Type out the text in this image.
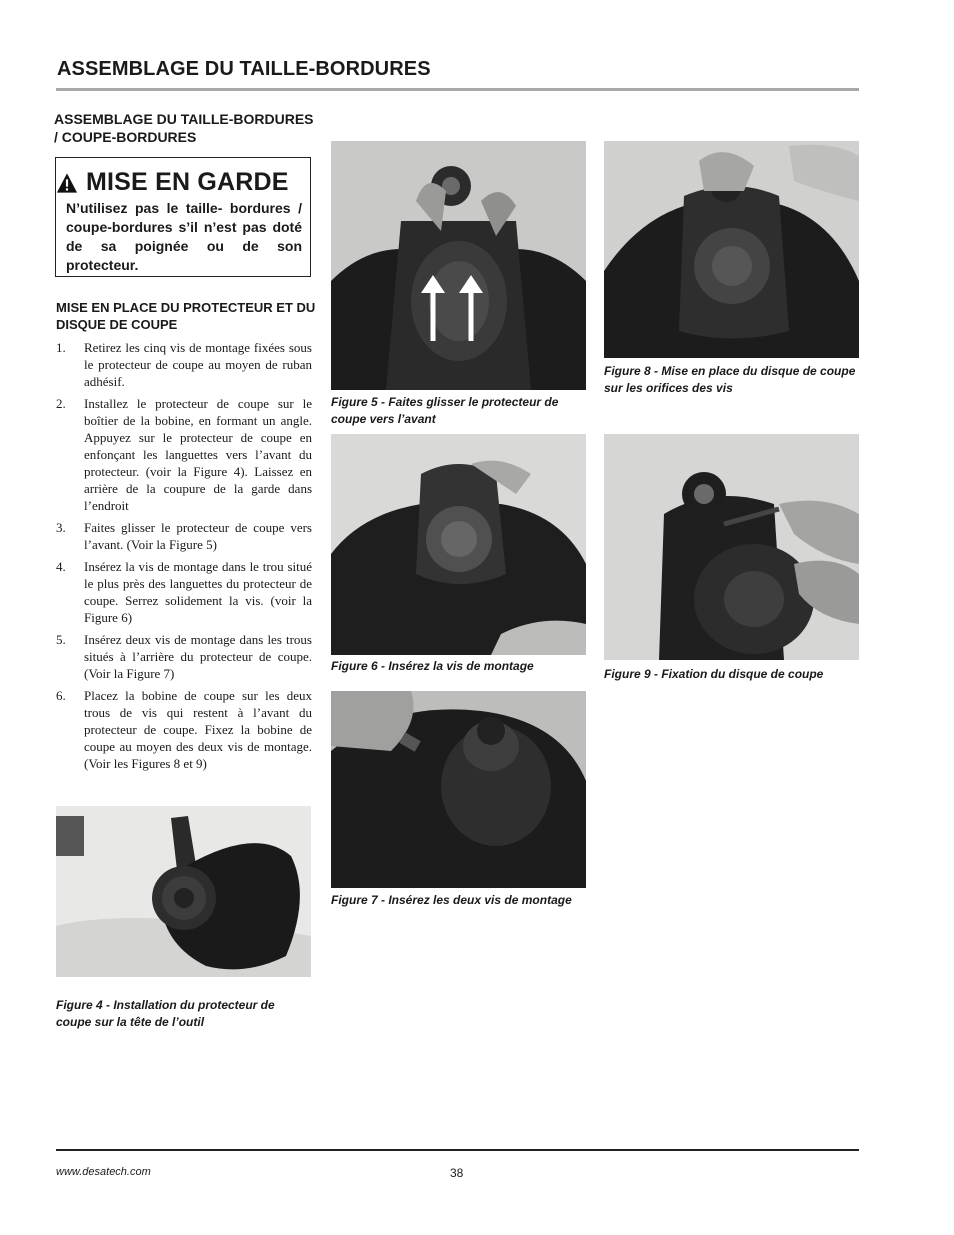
ASSEMBLAGE DU TAILLE-BORDURES
ASSEMBLAGE DU TAILLE-BORDURES / COUPE-BORDURES
MISE EN GARDE
N’utilisez pas le taille- bordures / coupe-bordures s’il n’est pas doté de sa poignée ou de son protecteur.
MISE EN PLACE DU PROTECTEUR ET DU DISQUE DE COUPE
1. Retirez les cinq vis de montage fixées sous le protecteur de coupe au moyen de ruban adhésif.
2. Installez le protecteur de coupe sur le boîtier de la bobine, en formant un angle. Appuyez sur le protecteur de coupe en enfonçant les languettes vers l’avant du protecteur. (voir la Figure 4). Laissez en arrière de la coupure de la garde dans l’endroit
3. Faites glisser le protecteur de coupe vers l’avant. (Voir la Figure 5)
4. Insérez la vis de montage dans le trou situé le plus près des languettes du protecteur de coupe. Serrez solidement la vis. (voir la Figure 6)
5. Insérez deux vis de montage dans les trous situés à l’arrière du protecteur de coupe. (Voir la Figure 7)
6. Placez la bobine de coupe sur les deux trous de vis qui restent à l’avant du protecteur de coupe. Fixez la bobine de coupe au moyen des deux vis de montage. (Voir les Figures 8 et 9)
Figure 4 - Installation du protecteur de coupe sur la tête de l’outil
Figure 5 - Faites glisser le protecteur de coupe vers l’avant
Figure 6 - Insérez la vis de montage
Figure 7 - Insérez les deux vis de montage
Figure 8 - Mise en place du disque de coupe sur les orifices des vis
Figure 9 - Fixation du disque de coupe
www.desatech.com	38
